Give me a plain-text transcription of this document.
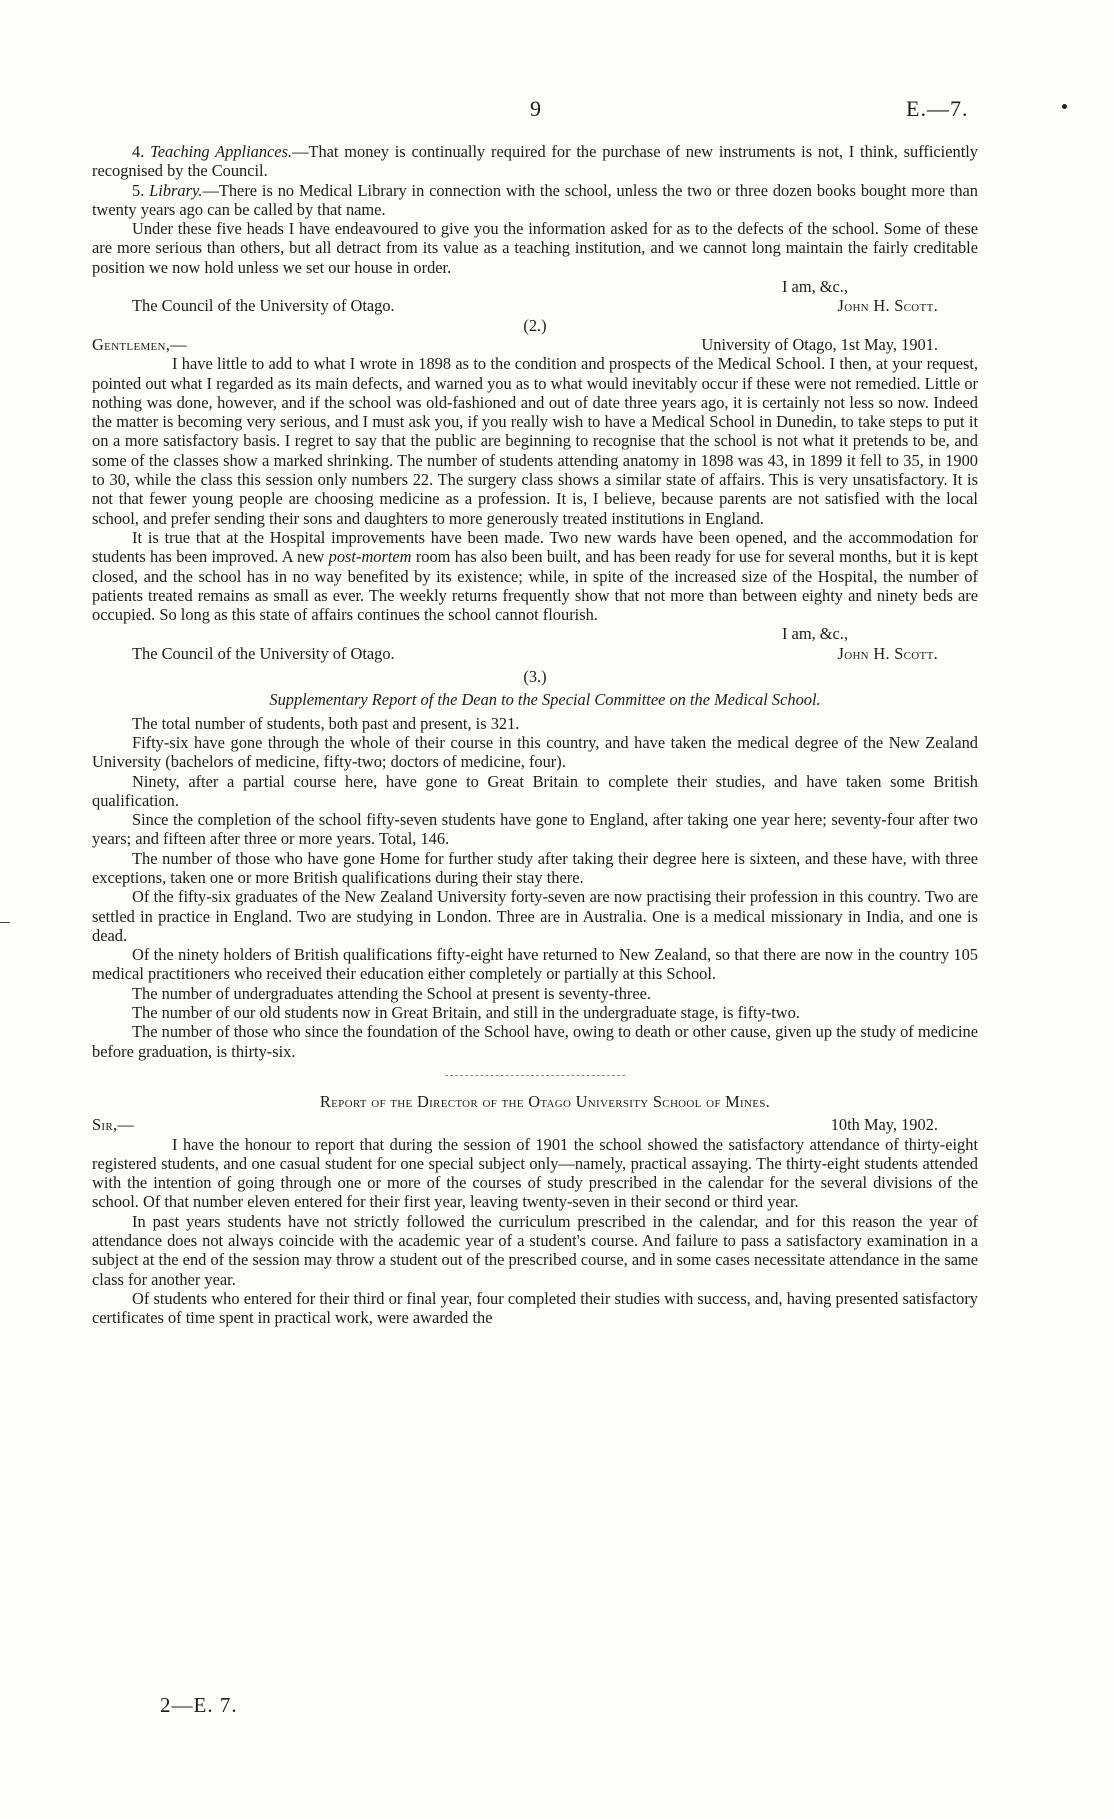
9	E.—7.

4. Teaching Appliances.—That money is continually required for the purchase of new instruments is not, I think, sufficiently recognised by the Council.

5. Library.—There is no Medical Library in connection with the school, unless the two or three dozen books bought more than twenty years ago can be called by that name.

Under these five heads I have endeavoured to give you the information asked for as to the defects of the school. Some of these are more serious than others, but all detract from its value as a teaching institution, and we cannot long maintain the fairly creditable position we now hold unless we set our house in order.

I am, &c.,
The Council of the University of Otago.	John H. Scott.
(2.)
Gentlemen,—	University of Otago, 1st May, 1901.

I have little to add to what I wrote in 1898 as to the condition and prospects of the Medical School. I then, at your request, pointed out what I regarded as its main defects, and warned you as to what would inevitably occur if these were not remedied. Little or nothing was done, however, and if the school was old-fashioned and out of date three years ago, it is certainly not less so now. Indeed the matter is becoming very serious, and I must ask you, if you really wish to have a Medical School in Dunedin, to take steps to put it on a more satisfactory basis. I regret to say that the public are beginning to recognise that the school is not what it pretends to be, and some of the classes show a marked shrinking. The number of students attending anatomy in 1898 was 43, in 1899 it fell to 35, in 1900 to 30, while the class this session only numbers 22. The surgery class shows a similar state of affairs. This is very unsatisfactory. It is not that fewer young people are choosing medicine as a profession. It is, I believe, because parents are not satisfied with the local school, and prefer sending their sons and daughters to more generously treated institutions in England.

It is true that at the Hospital improvements have been made. Two new wards have been opened, and the accommodation for students has been improved. A new post-mortem room has also been built, and has been ready for use for several months, but it is kept closed, and the school has in no way benefited by its existence; while, in spite of the increased size of the Hospital, the number of patients treated remains as small as ever. The weekly returns frequently show that not more than between eighty and ninety beds are occupied. So long as this state of affairs continues the school cannot flourish.

I am, &c.,
The Council of the University of Otago.	John H. Scott.
(3.)
Supplementary Report of the Dean to the Special Committee on the Medical School.

The total number of students, both past and present, is 321.

Fifty-six have gone through the whole of their course in this country, and have taken the medical degree of the New Zealand University (bachelors of medicine, fifty-two; doctors of medicine, four).

Ninety, after a partial course here, have gone to Great Britain to complete their studies, and have taken some British qualification.

Since the completion of the school fifty-seven students have gone to England, after taking one year here; seventy-four after two years; and fifteen after three or more years. Total, 146.

The number of those who have gone Home for further study after taking their degree here is sixteen, and these have, with three exceptions, taken one or more British qualifications during their stay there.

Of the fifty-six graduates of the New Zealand University forty-seven are now practising their profession in this country. Two are settled in practice in England. Two are studying in London. Three are in Australia. One is a medical missionary in India, and one is dead.

Of the ninety holders of British qualifications fifty-eight have returned to New Zealand, so that there are now in the country 105 medical practitioners who received their education either completely or partially at this School.

The number of undergraduates attending the School at present is seventy-three.

The number of our old students now in Great Britain, and still in the undergraduate stage, is fifty-two.

The number of those who since the foundation of the School have, owing to death or other cause, given up the study of medicine before graduation, is thirty-six.

Report of the Director of the Otago University School of Mines.
Sir,—	10th May, 1902.

I have the honour to report that during the session of 1901 the school showed the satisfactory attendance of thirty-eight registered students, and one casual student for one special subject only—namely, practical assaying. The thirty-eight students attended with the intention of going through one or more of the courses of study prescribed in the calendar for the several divisions of the school. Of that number eleven entered for their first year, leaving twenty-seven in their second or third year.

In past years students have not strictly followed the curriculum prescribed in the calendar, and for this reason the year of attendance does not always coincide with the academic year of a student's course. And failure to pass a satisfactory examination in a subject at the end of the session may throw a student out of the prescribed course, and in some cases necessitate attendance in the same class for another year.

Of students who entered for their third or final year, four completed their studies with success, and, having presented satisfactory certificates of time spent in practical work, were awarded the

2—E. 7.
